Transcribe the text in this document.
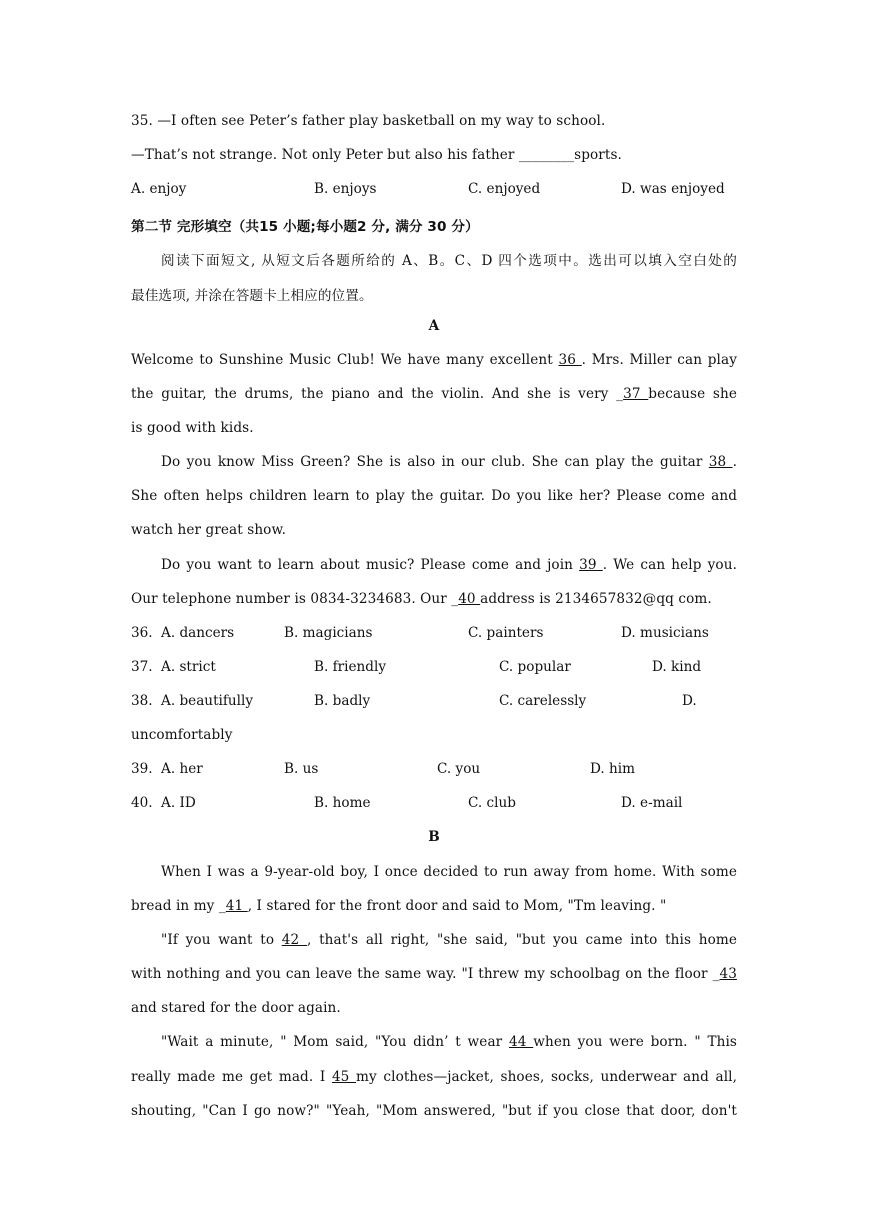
35. —I often see Peter’s father play basketball on my way to school.
—That’s not strange. Not only Peter but also his father ________sports.
A. enjoy	B. enjoys	C. enjoyed	D. was enjoyed
第二节 完形填空（共15 小题;每小题2 分, 满分 30 分）
阅读下面短文, 从短文后各题所给的 A、B。C、D 四个选项中。选出可以填入空白处的
最佳选项, 并涂在答题卡上相应的位置。
A
Welcome to Sunshine Music Club! We have many excellent 36 . Mrs. Miller can play
the guitar, the drums, the piano and the violin. And she is very _37 because she
is good with kids.
Do you know Miss Green? She is also in our club. She can play the guitar 38 .
She often helps children learn to play the guitar. Do you like her? Please come and
watch her great show.
Do you want to learn about music? Please come and join 39 . We can help you.
Our telephone number is 0834-3234683. Our _40 address is 2134657832@qq com.
36. A. dancers	B. magicians	C. painters	D. musicians
37. A. strict	B. friendly	C. popular	D. kind
38. A. beautifully	B. badly	C. carelessly	D.
uncomfortably
39. A. her	B. us	C. you	D. him
40. A. ID	B. home	C. club	D. e-mail
B
When I was a 9-year-old boy, I once decided to run away from home. With some
bread in my _41 , I stared for the front door and said to Mom, "Tm leaving. "
"If you want to 42 , that's all right, "she said, "but you came into this home
with nothing and you can leave the same way. "I threw my schoolbag on the floor _43
and stared for the door again.
"Wait a minute, " Mom said, "You didn’ t wear 44 when you were born. " This
really made me get mad. I 45 my clothes—jacket, shoes, socks, underwear and all,
shouting, "Can I go now?" "Yeah, "Mom answered, "but if you close that door, don't
